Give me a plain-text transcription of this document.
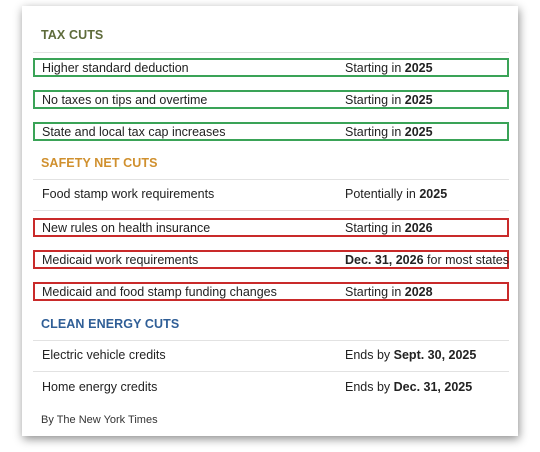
TAX CUTS
Higher standard deduction	Starting in 2025
No taxes on tips and overtime	Starting in 2025
State and local tax cap increases	Starting in 2025
SAFETY NET CUTS
Food stamp work requirements	Potentially in 2025
New rules on health insurance	Starting in 2026
Medicaid work requirements	Dec. 31, 2026 for most states
Medicaid and food stamp funding changes	Starting in 2028
CLEAN ENERGY CUTS
Electric vehicle credits	Ends by Sept. 30, 2025
Home energy credits	Ends by Dec. 31, 2025
By The New York Times
